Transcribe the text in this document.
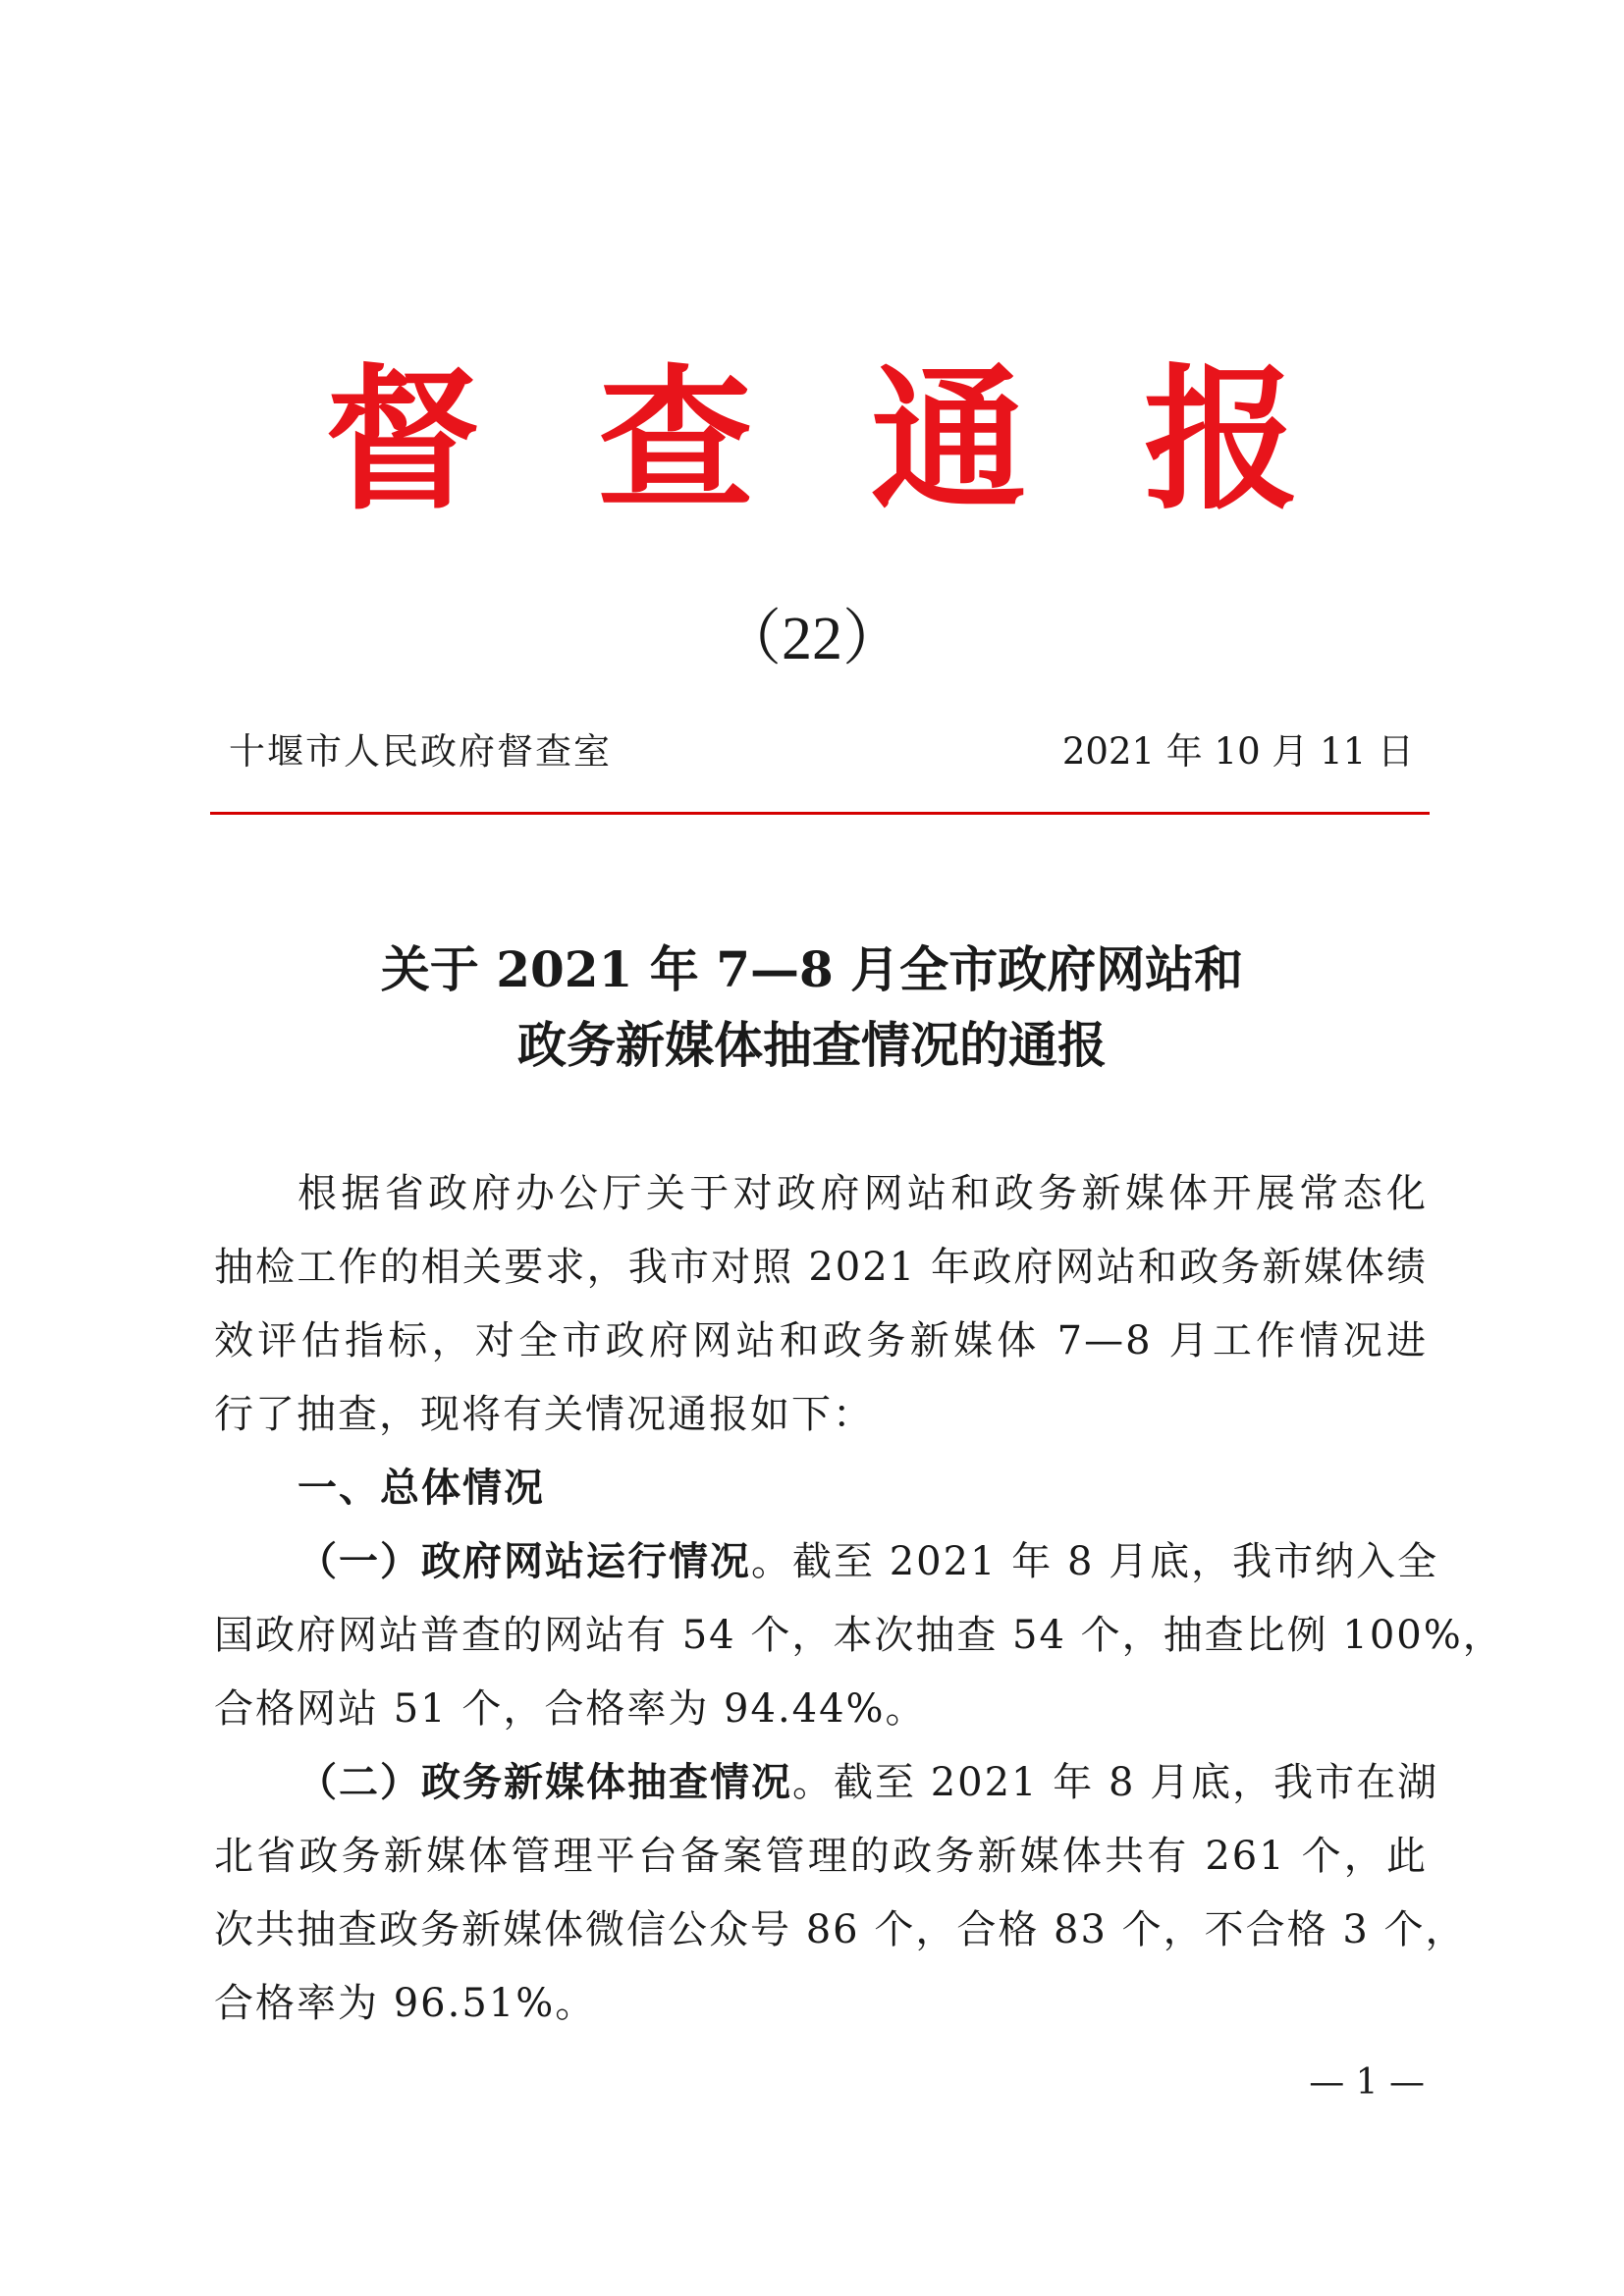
督查通报
（22）
十堰市人民政府督查室	2021 年 10 月 11 日
关于 2021 年 7—8 月全市政府网站和
政务新媒体抽查情况的通报
根据省政府办公厅关于对政府网站和政务新媒体开展常态化
抽检工作的相关要求，我市对照 2021 年政府网站和政务新媒体绩
效评估指标，对全市政府网站和政务新媒体 7—8 月工作情况进
行了抽查，现将有关情况通报如下：
一、总体情况
（一）政府网站运行情况。截至 2021 年 8 月底，我市纳入全
国政府网站普查的网站有 54 个，本次抽查 54 个，抽查比例 100%，
合格网站 51 个，合格率为 94.44%。
（二）政务新媒体抽查情况。截至 2021 年 8 月底，我市在湖
北省政务新媒体管理平台备案管理的政务新媒体共有 261 个，此
次共抽查政务新媒体微信公众号 86 个，合格 83 个，不合格 3 个，
合格率为 96.51%。
— 1 —
